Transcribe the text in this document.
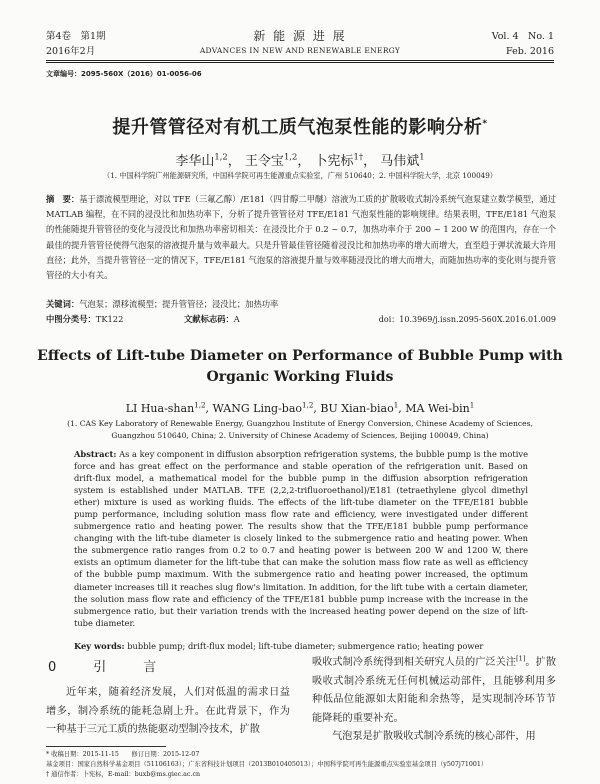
第4卷　第1期
2016年2月
新 能 源 进 展
ADVANCES IN NEW AND RENEWABLE ENERGY
Vol. 4　No. 1
Feb. 2016
文章编号：2095-560X（2016）01-0056-06
提升管管径对有机工质气泡泵性能的影响分析*
李华山$^{1,2}$， 王令宝$^{1,2}$， 卜宪标$^{1\dagger}$， 马伟斌$^1$
（1. 中国科学院广州能源研究所，中国科学院可再生能源重点实验室，广州 510640；2. 中国科学院大学，北京 100049）
摘　要：基于漂流模型理论，对以 TFE（三氟乙醇）/E181（四甘醇二甲醚）溶液为工质的扩散吸收式制冷系统气泡泵建立数学模型，通过 MATLAB 编程，在不同的浸没比和加热功率下，分析了提升管管径对 TFE/E181 气泡泵性能的影响规律。结果表明，TFE/E181 气泡泵的性能随提升管管径的变化与浸没比和加热功率密切相关：在浸没比介于 0.2 ~ 0.7，加热功率介于 200 ~ 1 200 W 的范围内，存在一个最佳的提升管管径使得气泡泵的溶液提升量与效率最大。只是升管最佳管径随着浸没比和加热功率的增大而增大，直至趋于弹状流最大许用直径；此外，当提升管管径一定的情况下，TFE/E181 气泡泵的溶液提升量与效率随浸没比的增大而增大，而随加热功率的变化则与提升管管径的大小有关。
关键词：气泡泵；漂移流模型；提升管管径；浸没比；加热功率
中图分类号：TK122	文献标志码：A	doi：10.3969/j.issn.2095-560X.2016.01.009
Effects of Lift-tube Diameter on Performance of Bubble Pump with
Organic Working Fluids
LI Hua-shan$^{1,2}$, WANG Ling-bao$^{1,2}$, BU Xian-biao$^1$, MA Wei-bin$^1$
(1. CAS Key Laboratory of Renewable Energy, Guangzhou Institute of Energy Conversion, Chinese Academy of Sciences,
Guangzhou 510640, China; 2. University of Chinese Academy of Sciences, Beijing 100049, China)
Abstract: As a key component in diffusion absorption refrigeration systems, the bubble pump is the motive force and has great effect on the performance and stable operation of the refrigeration unit. Based on drift-flux model, a mathematical model for the bubble pump in the diffusion absorption refrigeration system is established under MATLAB. TFE (2,2,2-trifluoroethanol)/E181 (tetraethylene glycol dimethyl ether) mixture is used as working fluids. The effects of the lift-tube diameter on the TFE/E181 bubble pump performance, including solution mass flow rate and efficiency, were investigated under different submergence ratio and heating power. The results show that the TFE/E181 bubble pump performance changing with the lift-tube diameter is closely linked to the submergence ratio and heating power. When the submergence ratio ranges from 0.2 to 0.7 and heating power is between 200 W and 1200 W, there exists an optimum diameter for the lift-tube that can make the solution mass flow rate as well as efficiency of the bubble pump maximum. With the submergence ratio and heating power increased, the optimum diameter increases till it reaches slug flow's limitation. In addition, for the lift tube with a certain diameter, the solution mass flow rate and efficiency of the TFE/E181 bubble pump increase with the increase in the submergence ratio, but their variation trends with the increased heating power depend on the size of lift-tube diameter.
Key words: bubble pump; drift-flux model; lift-tube diameter; submergence ratio; heating power
0　引　言
近年来，随着经济发展，人们对低温的需求日益增多，制冷系统的能耗急剧上升。在此背景下，作为一种基于三元工质的热能驱动型制冷技术，扩散
吸收式制冷系统得到相关研究人员的广泛关注[1]。扩散吸收式制冷系统无任何机械运动部件，且能够利用多种低品位能源如太阳能和余热等，是实现制冷环节节能降耗的重要补充。
气泡泵是扩散吸收式制冷系统的核心部件，用
* 收稿日期：2015-11-15　　修订日期：2015-12-07
基金项目：国家自然科学基金项目（51106163）；广东省科技计划项目（2013B010405013）；中国科学院可再生能源重点实验室基金项目（y507j71001）
† 通信作者：卜宪标，E-mail：buxb@ms.giec.ac.cn
